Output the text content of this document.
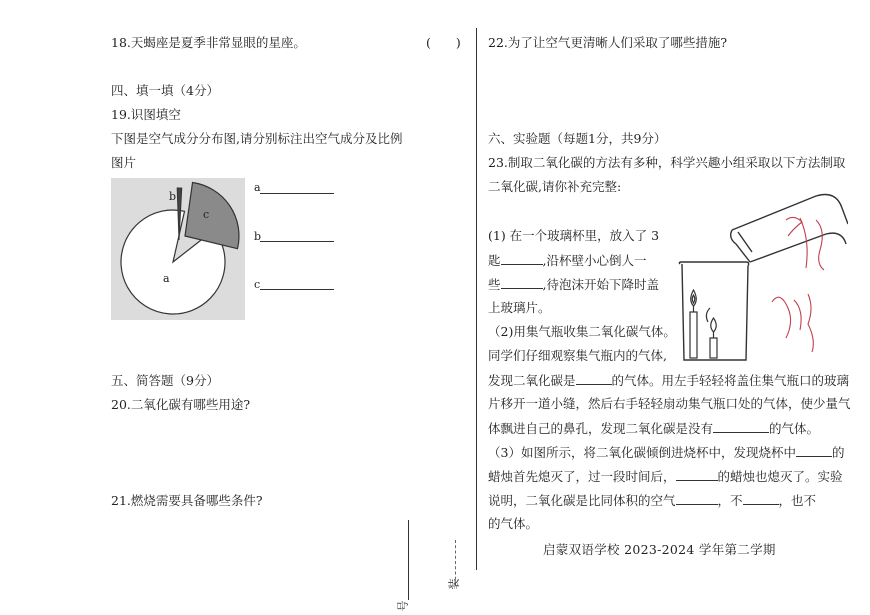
18.天蝎座是夏季非常显眼的星座。	(　　)
四、填一填（4分）
19.识图填空
下图是空气成分分布图,请分别标注出空气成分及比例
图片
a
b
c
a
b
c
五、简答题（9分）
20.二氧化碳有哪些用途?
21.燃烧需要具备哪些条件?
号
装
22.为了让空气更清晰人们采取了哪些措施?
六、实验题（每题1分，共9分）
23.制取二氧化碳的方法有多种，科学兴趣小组采取以下方法制取
二氧化碳,请你补充完整:
(1) 在一个玻璃杯里，放入了 3
匙	,沿杯壁小心倒人一
些	,待泡沫开始下降时盖
上玻璃片。
（2)用集气瓶收集二氧化碳气体。
同学们仔细观察集气瓶内的气体,
发现二氧化碳是	的气体。用左手轻轻将盖住集气瓶口的玻璃
片移开一道小缝，然后右手轻轻扇动集气瓶口处的气体，使少量气
体飘进自己的鼻孔，发现二氧化碳是没有	的气体。
（3）如图所示，将二氧化碳倾倒进烧杯中，发现烧杯中	的
蜡烛首先熄灭了，过一段时间后，	的蜡烛也熄灭了。实验
说明，二氧化碳是比同体积的空气	，不	，也不
的气体。
启蒙双语学校 2023-2024 学年第二学期
